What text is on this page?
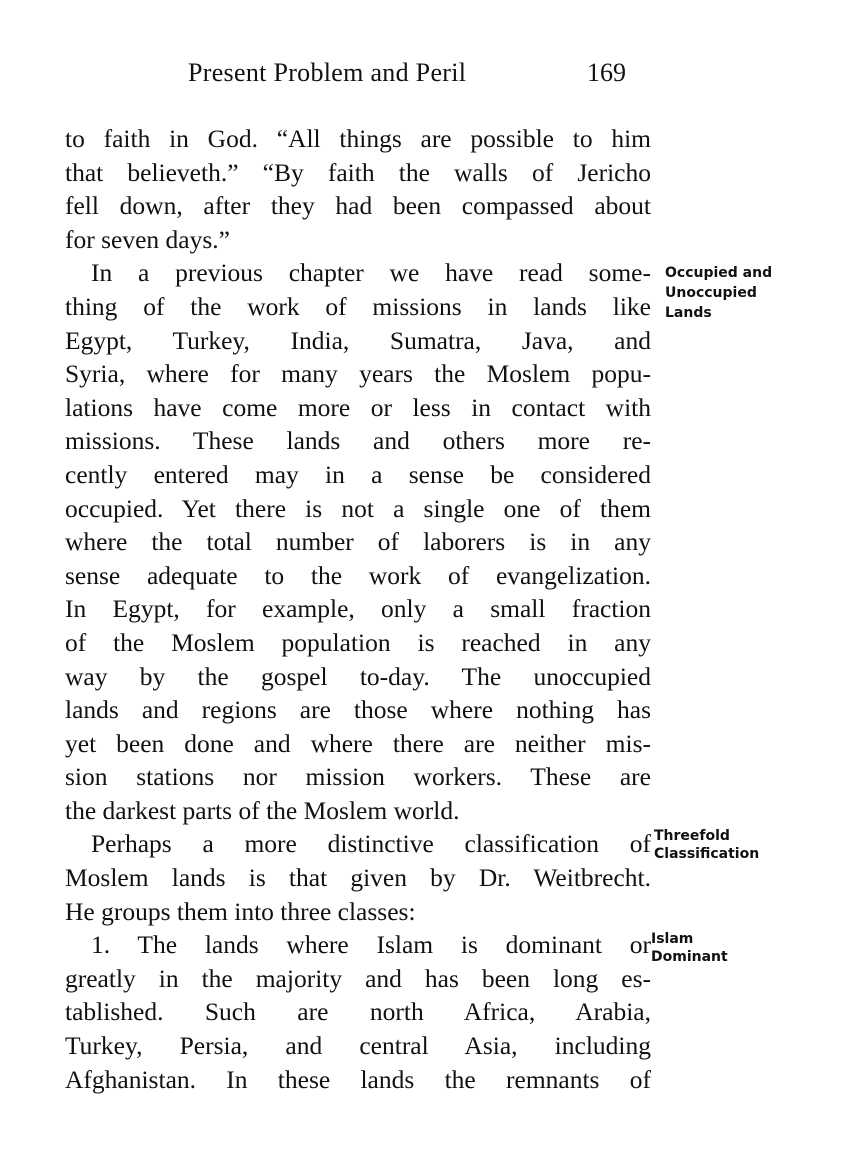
Present Problem and Peril	169
to faith in God. “All things are possible to him
that believeth.” “By faith the walls of Jericho
fell down, after they had been compassed about
for seven days.”
In a previous chapter we have read some-
thing of the work of missions in lands like
Egypt, Turkey, India, Sumatra, Java, and
Syria, where for many years the Moslem popu-
lations have come more or less in contact with
missions. These lands and others more re-
cently entered may in a sense be considered
occupied. Yet there is not a single one of them
where the total number of laborers is in any
sense adequate to the work of evangelization.
In Egypt, for example, only a small fraction
of the Moslem population is reached in any
way by the gospel to-day. The unoccupied
lands and regions are those where nothing has
yet been done and where there are neither mis-
sion stations nor mission workers. These are
the darkest parts of the Moslem world.
Perhaps a more distinctive classification of
Moslem lands is that given by Dr. Weitbrecht.
He groups them into three classes:
1. The lands where Islam is dominant or
greatly in the majority and has been long es-
tablished. Such are north Africa, Arabia,
Turkey, Persia, and central Asia, including
Afghanistan. In these lands the remnants of
Occupied and
Unoccupied
Lands
Threefold
Classification
Islam
Dominant
